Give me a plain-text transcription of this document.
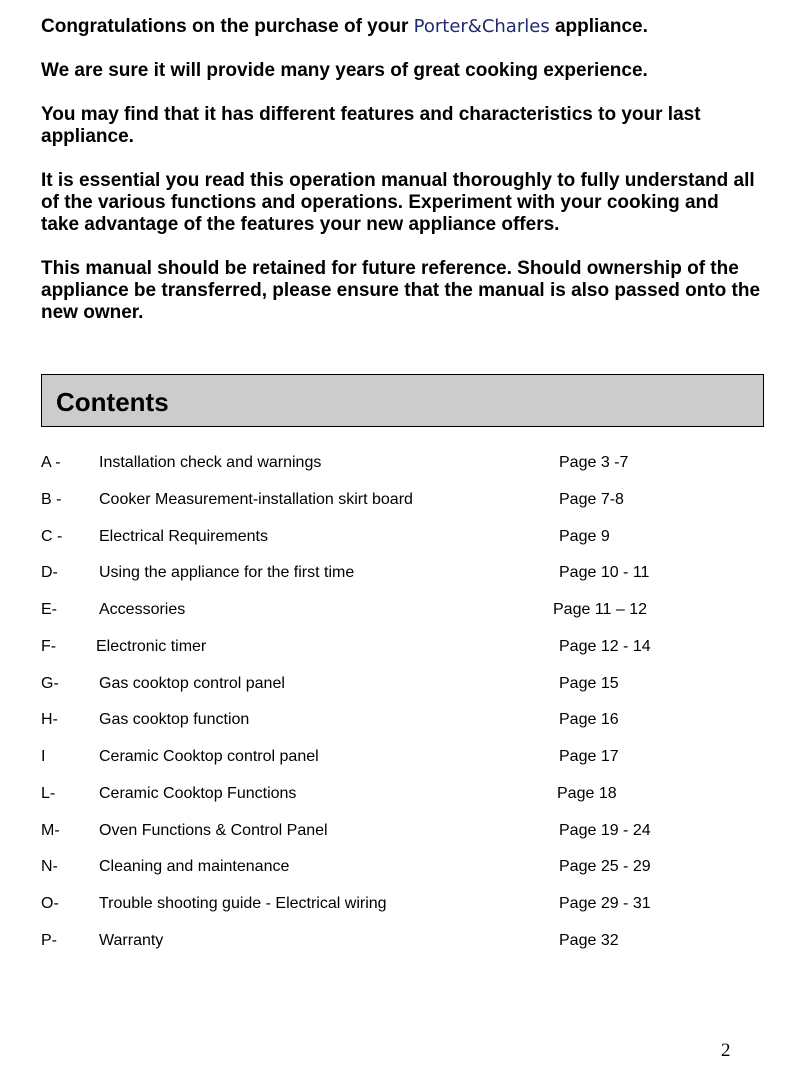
Congratulations on the purchase of your Porter&Charles appliance.

We are sure it will provide many years of great cooking experience.

You may find that it has different features and characteristics to your last appliance.

It is essential you read this operation manual thoroughly to fully understand all of the various functions and operations. Experiment with your cooking and take advantage of the features your new appliance offers.

This manual should be retained for future reference. Should ownership of the appliance be transferred, please ensure that the manual is also passed onto the new owner.

Contents
A - Installation check and warnings	Page 3 -7
B - Cooker Measurement-installation skirt board	Page 7-8
C - Electrical Requirements	Page 9
D-	Using the appliance for the first time	Page 10 - 11
E-	Accessories	Page 11 – 12
F- Electronic timer	Page 12 - 14
G-	Gas cooktop control panel	Page 15
H-	Gas cooktop function	Page 16
I	Ceramic Cooktop control panel	Page 17
L-	Ceramic Cooktop Functions	Page 18
M- Oven Functions & Control Panel	Page 19 - 24
N-	Cleaning and maintenance	Page 25 - 29
O-	Trouble shooting guide - Electrical wiring	Page 29 - 31
P-	Warranty	Page 32
2
